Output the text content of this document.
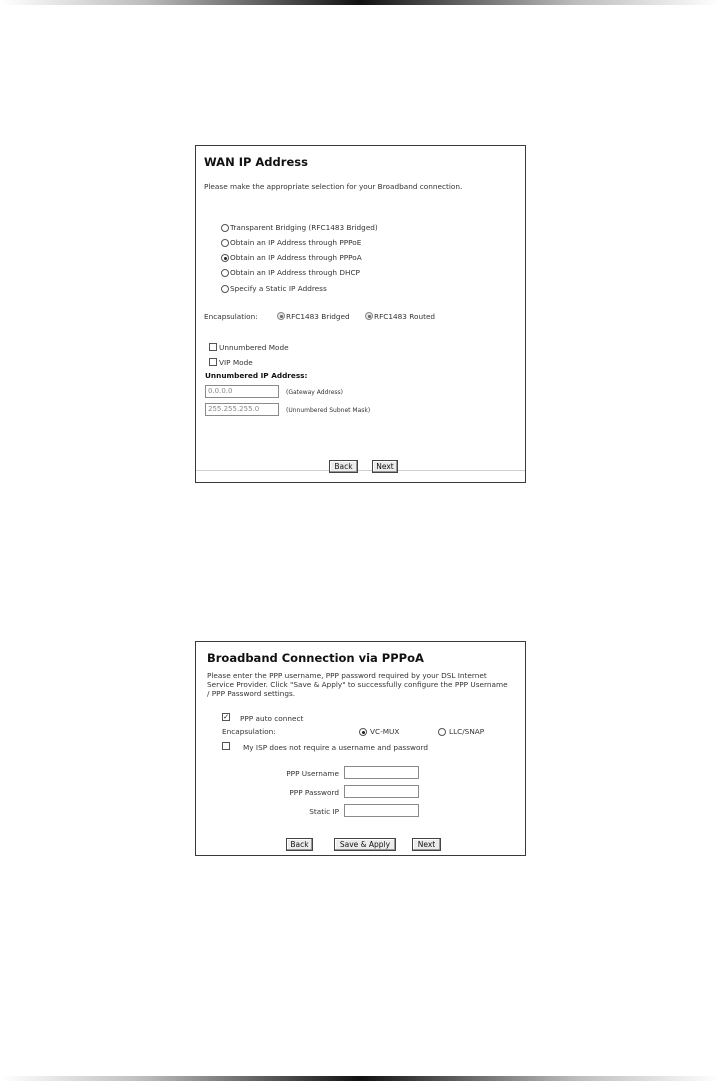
WAN IP Address
Please make the appropriate selection for your Broadband connection.
Transparent Bridging (RFC1483 Bridged)
Obtain an IP Address through PPPoE
Obtain an IP Address through PPPoA
Obtain an IP Address through DHCP
Specify a Static IP Address
Encapsulation:	RFC1483 Bridged	RFC1483 Routed
Unnumbered Mode
VIP Mode
Unnumbered IP Address:
0.0.0.0	(Gateway Address)
255.255.255.0	(Unnumbered Subnet Mask)
Back	Next
Broadband Connection via PPPoA
Please enter the PPP username, PPP password required by your DSL Internet Service Provider. Click "Save & Apply" to successfully configure the PPP Username / PPP Password settings.
✓ PPP auto connect
Encapsulation:	VC-MUX	LLC/SNAP
My ISP does not require a username and password
PPP Username
PPP Password
Static IP
Back	Save & Apply	Next
